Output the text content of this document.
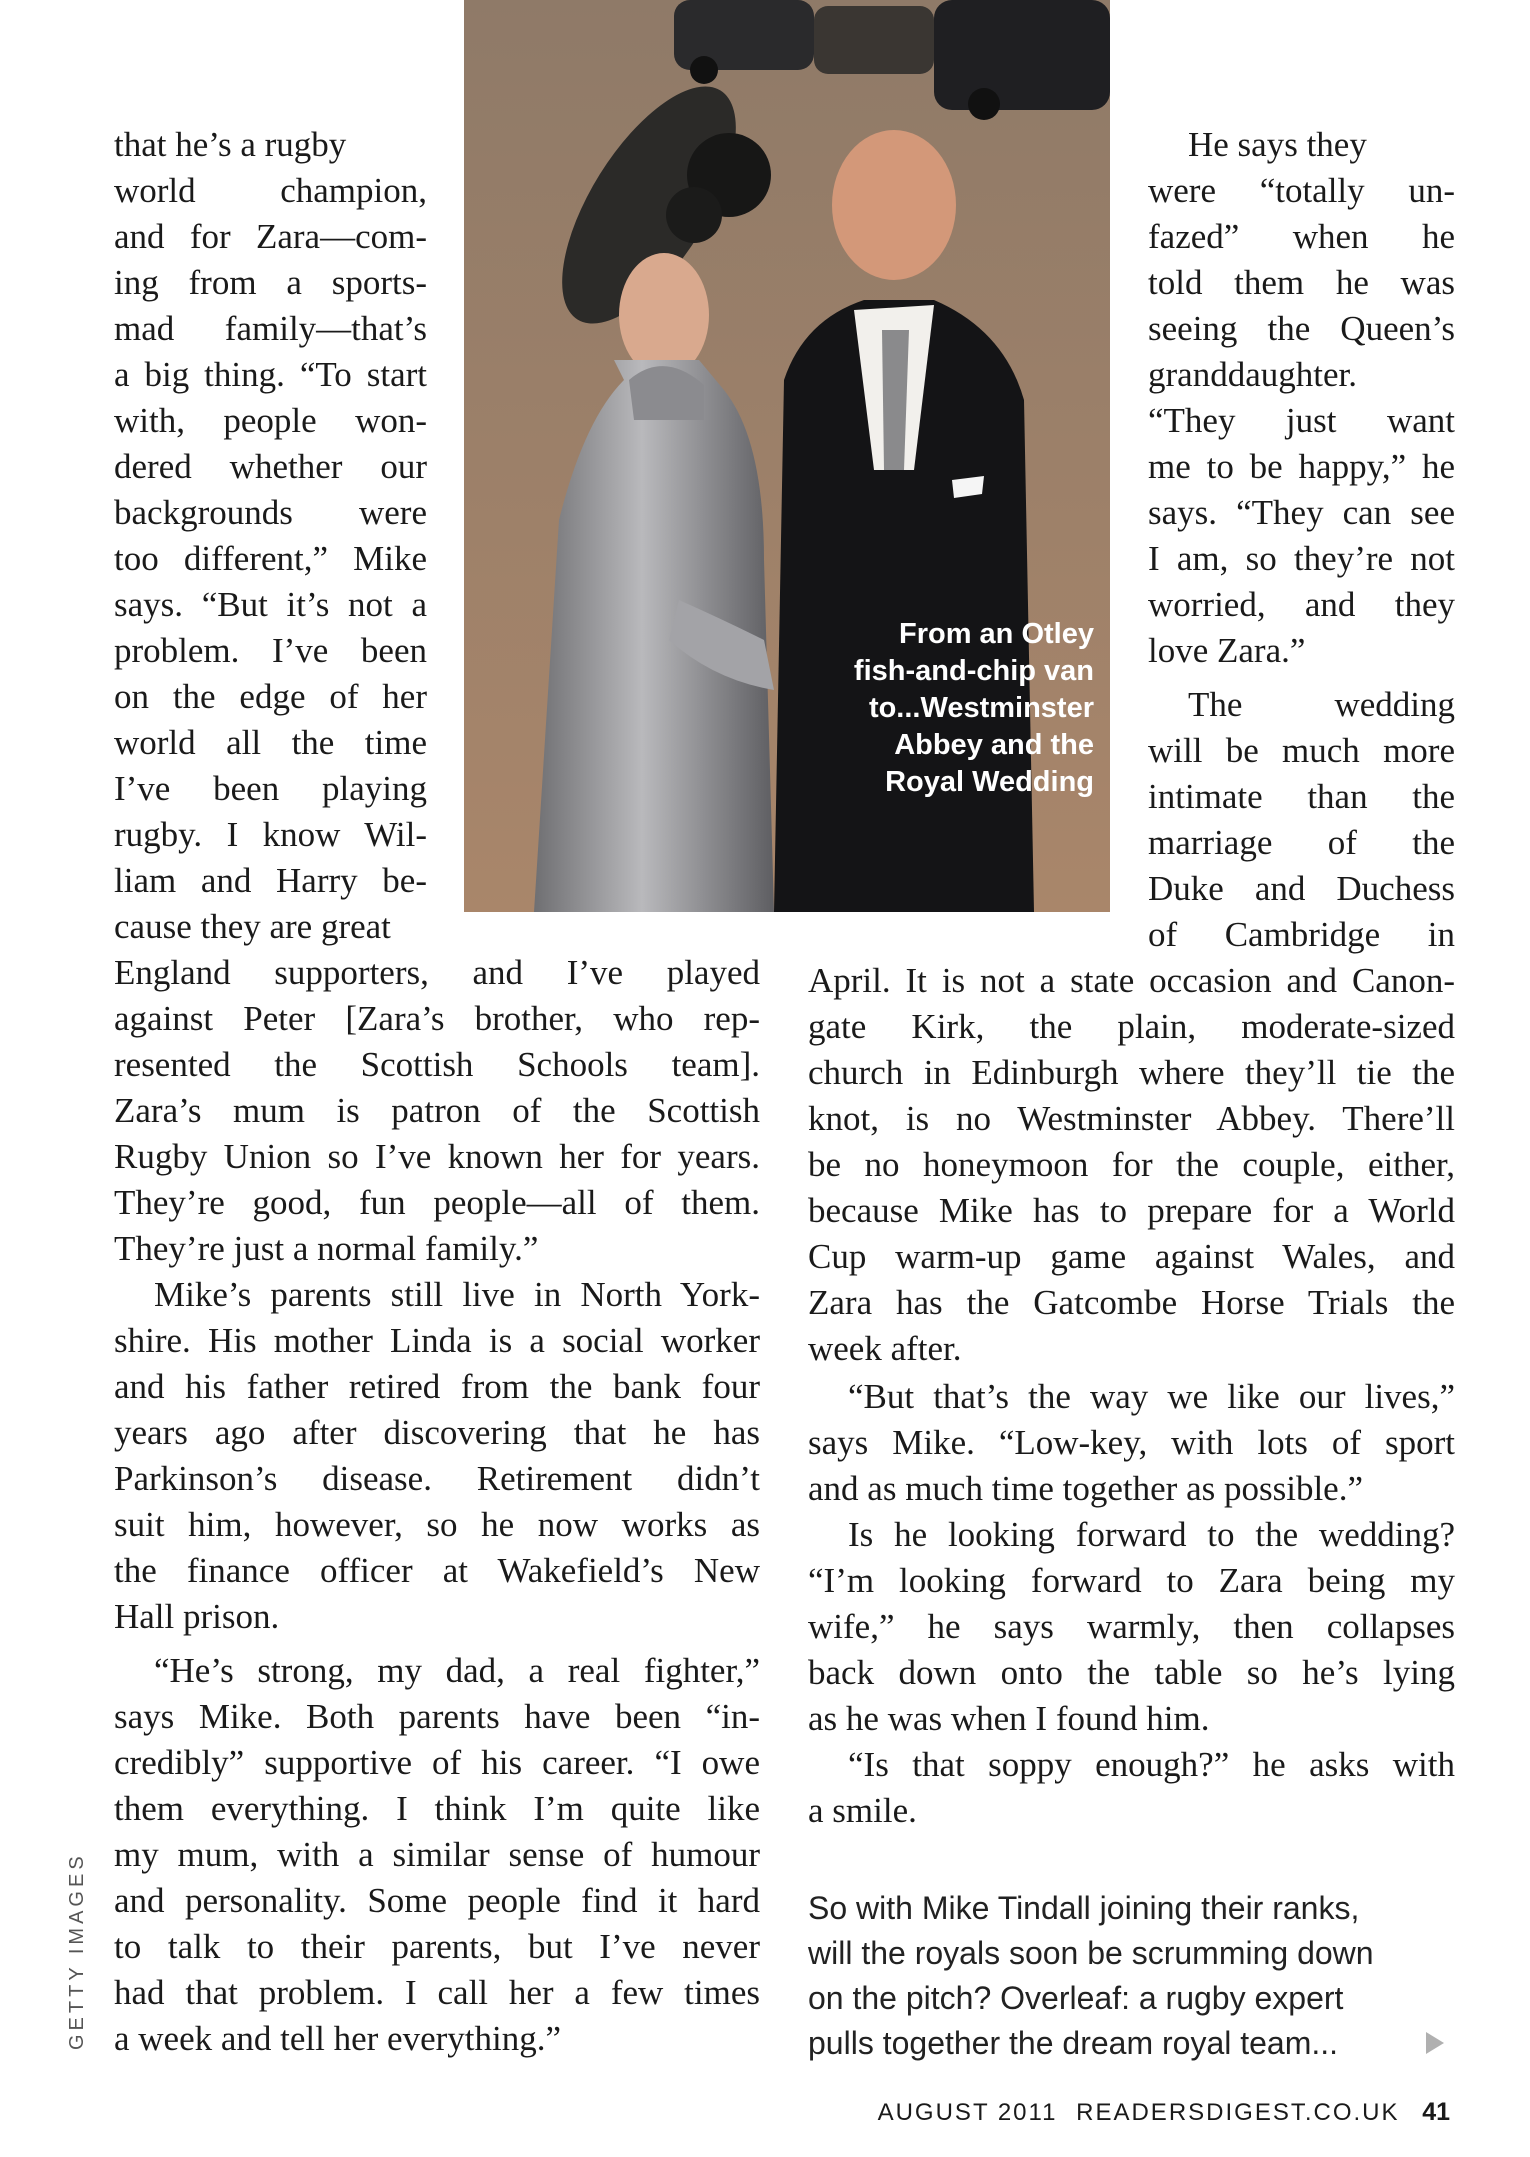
From an Otley
fish-and-chip van
to...Westminster
Abbey and the
Royal Wedding

that he’s a rugby

world champion,

and for Zara—com-

ing from a sports-

mad family—that’s

a big thing. “To start

with, people won-

dered whether our

backgrounds were

too different,” Mike

says. “But it’s not a

problem. I’ve been

on the edge of her

world all the time

I’ve been playing

rugby. I know Wil-

liam and Harry be-

cause they are great

England supporters, and I’ve played

against Peter [Zara’s brother, who rep-

resented the Scottish Schools team].

Zara’s mum is patron of the Scottish

Rugby Union so I’ve known her for years.

They’re good, fun people—all of them.

They’re just a normal family.”

Mike’s parents still live in North York-

shire. His mother Linda is a social worker

and his father retired from the bank four

years ago after discovering that he has

Parkinson’s disease. Retirement didn’t

suit him, however, so he now works as

the finance officer at Wakefield’s New

Hall prison.

“He’s strong, my dad, a real fighter,”

says Mike. Both parents have been “in-

credibly” supportive of his career. “I owe

them everything. I think I’m quite like

my mum, with a similar sense of humour

and personality. Some people find it hard

to talk to their parents, but I’ve never

had that problem. I call her a few times

a week and tell her everything.”

He says they

were “totally un-

fazed” when he

told them he was

seeing the Queen’s

granddaughter.

“They just want

me to be happy,” he

says. “They can see

I am, so they’re not

worried, and they

love Zara.”

The wedding

will be much more

intimate than the

marriage of the

Duke and Duchess

of Cambridge in

April. It is not a state occasion and Canon-

gate Kirk, the plain, moderate-sized

church in Edinburgh where they’ll tie the

knot, is no Westminster Abbey. There’ll

be no honeymoon for the couple, either,

because Mike has to prepare for a World

Cup warm-up game against Wales, and

Zara has the Gatcombe Horse Trials the

week after.

“But that’s the way we like our lives,”

says Mike. “Low-key, with lots of sport

and as much time together as possible.”

Is he looking forward to the wedding?

“I’m looking forward to Zara being my

wife,” he says warmly, then collapses

back down onto the table so he’s lying

as he was when I found him.

“Is that soppy enough?” he asks with

a smile.

GETTY IMAGES	So with Mike Tindall joining their ranks,
will the royals soon be scrumming down
on the pitch? Overleaf: a rugby expert
pulls together the dream royal team...
AUGUST 2011 READERSDIGEST.CO.UK 41
